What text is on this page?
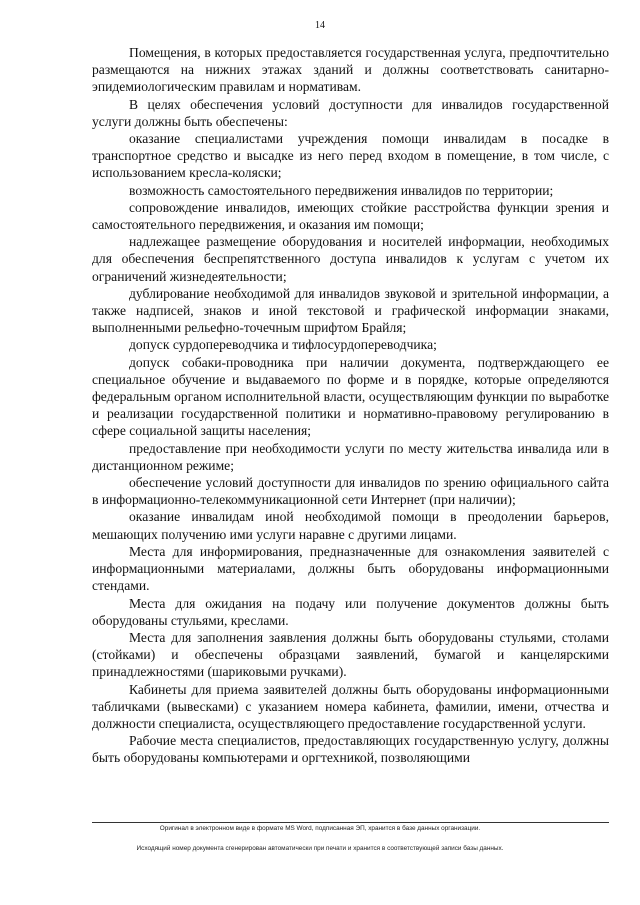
14

Помещения, в которых предоставляется государственная услуга, предпочтительно размещаются на нижних этажах зданий и должны соответствовать санитарно-эпидемиологическим правилам и нормативам.

В целях обеспечения условий доступности для инвалидов государственной услуги должны быть обеспечены:

оказание специалистами учреждения помощи инвалидам в посадке в транспортное средство и высадке из него перед входом в помещение, в том числе, с использованием кресла-коляски;

возможность самостоятельного передвижения инвалидов по территории;

сопровождение инвалидов, имеющих стойкие расстройства функции зрения и самостоятельного передвижения, и оказания им помощи;

надлежащее размещение оборудования и носителей информации, необходимых для обеспечения беспрепятственного доступа инвалидов к услугам с учетом их ограничений жизнедеятельности;

дублирование необходимой для инвалидов звуковой и зрительной информации, а также надписей, знаков и иной текстовой и графической информации знаками, выполненными рельефно-точечным шрифтом Брайля;

допуск сурдопереводчика и тифлосурдопереводчика;

допуск собаки-проводника при наличии документа, подтверждающего ее специальное обучение и выдаваемого по форме и в порядке, которые определяются федеральным органом исполнительной власти, осуществляющим функции по выработке и реализации государственной политики и нормативно-правовому регулированию в сфере социальной защиты населения;

предоставление при необходимости услуги по месту жительства инвалида или в дистанционном режиме;

обеспечение условий доступности для инвалидов по зрению официального сайта в информационно-телекоммуникационной сети Интернет (при наличии);

оказание инвалидам иной необходимой помощи в преодолении барьеров, мешающих получению ими услуги наравне с другими лицами.

Места для информирования, предназначенные для ознакомления заявителей с информационными материалами, должны быть оборудованы информационными стендами.

Места для ожидания на подачу или получение документов должны быть оборудованы стульями, креслами.

Места для заполнения заявления должны быть оборудованы стульями, столами (стойками) и обеспечены образцами заявлений, бумагой и канцелярскими принадлежностями (шариковыми ручками).

Кабинеты для приема заявителей должны быть оборудованы информационными табличками (вывесками) с указанием номера кабинета, фамилии, имени, отчества и должности специалиста, осуществляющего предоставление государственной услуги.

Рабочие места специалистов, предоставляющих государственную услугу, должны быть оборудованы компьютерами и оргтехникой, позволяющими

Оригинал в электронном виде в формате MS Word, подписанная ЭП, хранится в базе данных организации.
Исходящий номер документа сгенерирован автоматически при печати и хранится в соответствующей записи базы данных.
